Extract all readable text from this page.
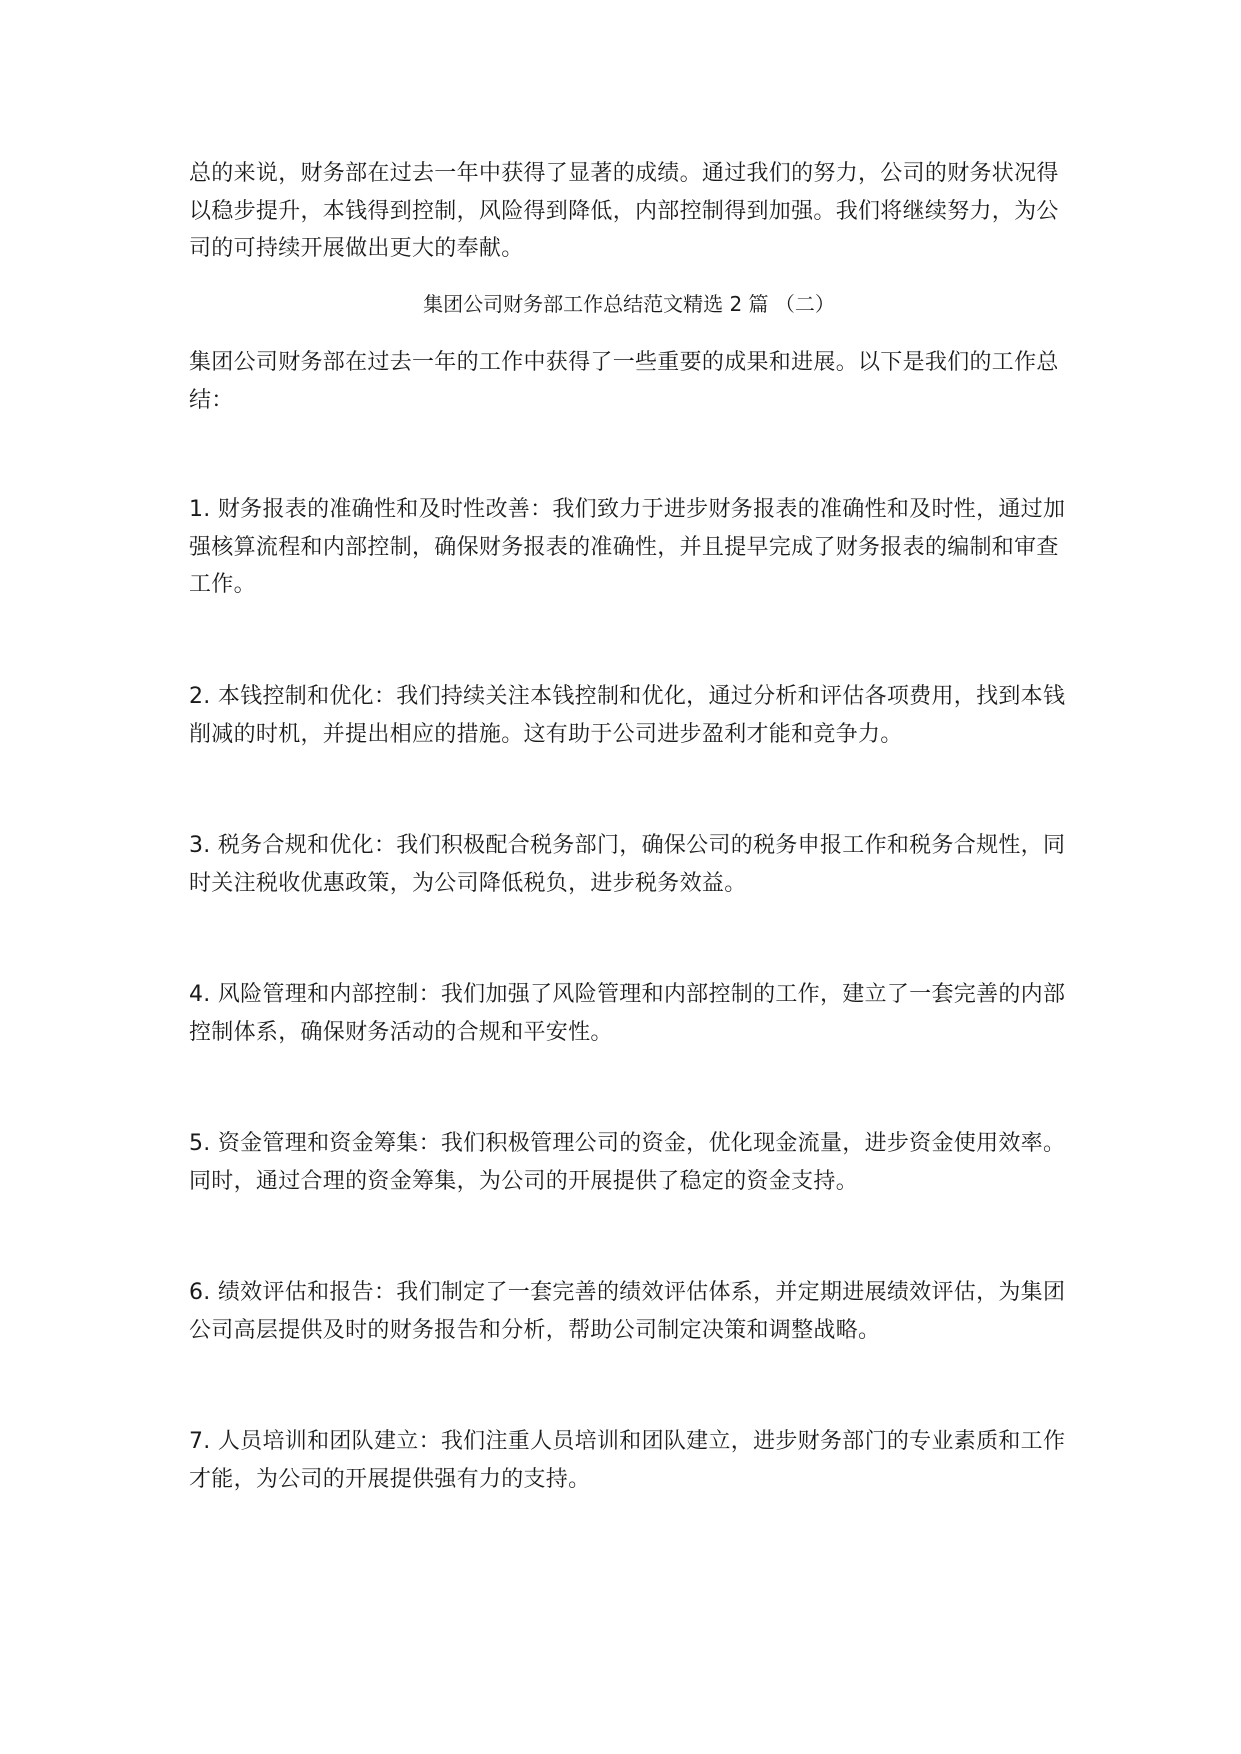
总的来说，财务部在过去一年中获得了显著的成绩。通过我们的努力，公司的财务状况得以稳步提升，本钱得到控制，风险得到降低，内部控制得到加强。我们将继续努力，为公司的可持续开展做出更大的奉献。

集团公司财务部工作总结范文精选 2 篇 （二）

集团公司财务部在过去一年的工作中获得了一些重要的成果和进展。以下是我们的工作总结：

1. 财务报表的准确性和及时性改善：我们致力于进步财务报表的准确性和及时性，通过加强核算流程和内部控制，确保财务报表的准确性，并且提早完成了财务报表的编制和审查工作。

2. 本钱控制和优化：我们持续关注本钱控制和优化，通过分析和评估各项费用，找到本钱削减的时机，并提出相应的措施。这有助于公司进步盈利才能和竞争力。

3. 税务合规和优化：我们积极配合税务部门，确保公司的税务申报工作和税务合规性，同时关注税收优惠政策，为公司降低税负，进步税务效益。

4. 风险管理和内部控制：我们加强了风险管理和内部控制的工作，建立了一套完善的内部控制体系，确保财务活动的合规和平安性。

5. 资金管理和资金筹集：我们积极管理公司的资金，优化现金流量，进步资金使用效率。同时，通过合理的资金筹集，为公司的开展提供了稳定的资金支持。

6. 绩效评估和报告：我们制定了一套完善的绩效评估体系，并定期进展绩效评估，为集团公司高层提供及时的财务报告和分析，帮助公司制定决策和调整战略。

7. 人员培训和团队建立：我们注重人员培训和团队建立，进步财务部门的专业素质和工作才能，为公司的开展提供强有力的支持。
